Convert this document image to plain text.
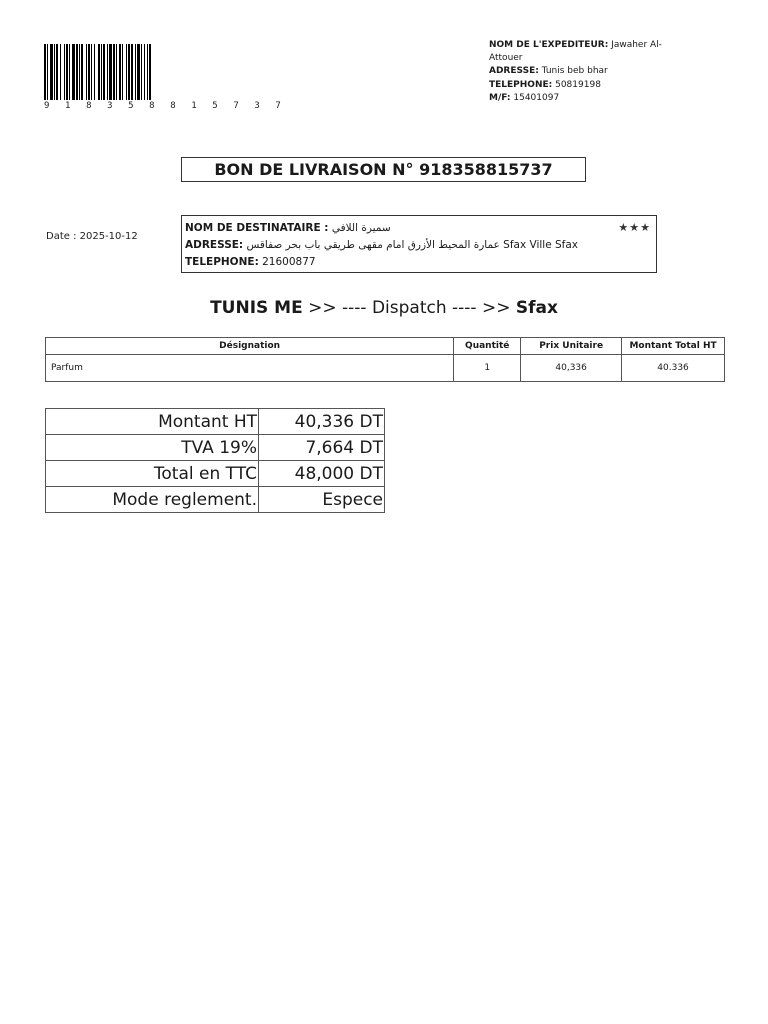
9 1 8 3 5 8 8 1 5 7 3 7
NOM DE L'EXPEDITEUR: Jawaher Al-Attouer
ADRESSE: Tunis beb bhar
TELEPHONE: 50819198
M/F: 15401097
BON DE LIVRAISON N° 918358815737
Date : 2025-10-12
★★★
NOM DE DESTINATAIRE : سميرة اللافي
ADRESSE: عمارة المحيط الأزرق امام مقهى طريقي باب بحر صفاقس Sfax Ville Sfax
TELEPHONE: 21600877
TUNIS ME >> ---- Dispatch ---- >> Sfax
Désignation	Quantité	Prix Unitaire	Montant Total HT
Parfum	1	40,336	40.336
Montant HT	40,336 DT
TVA 19%	7,664 DT
Total en TTC	48,000 DT
Mode reglement.	Espece
